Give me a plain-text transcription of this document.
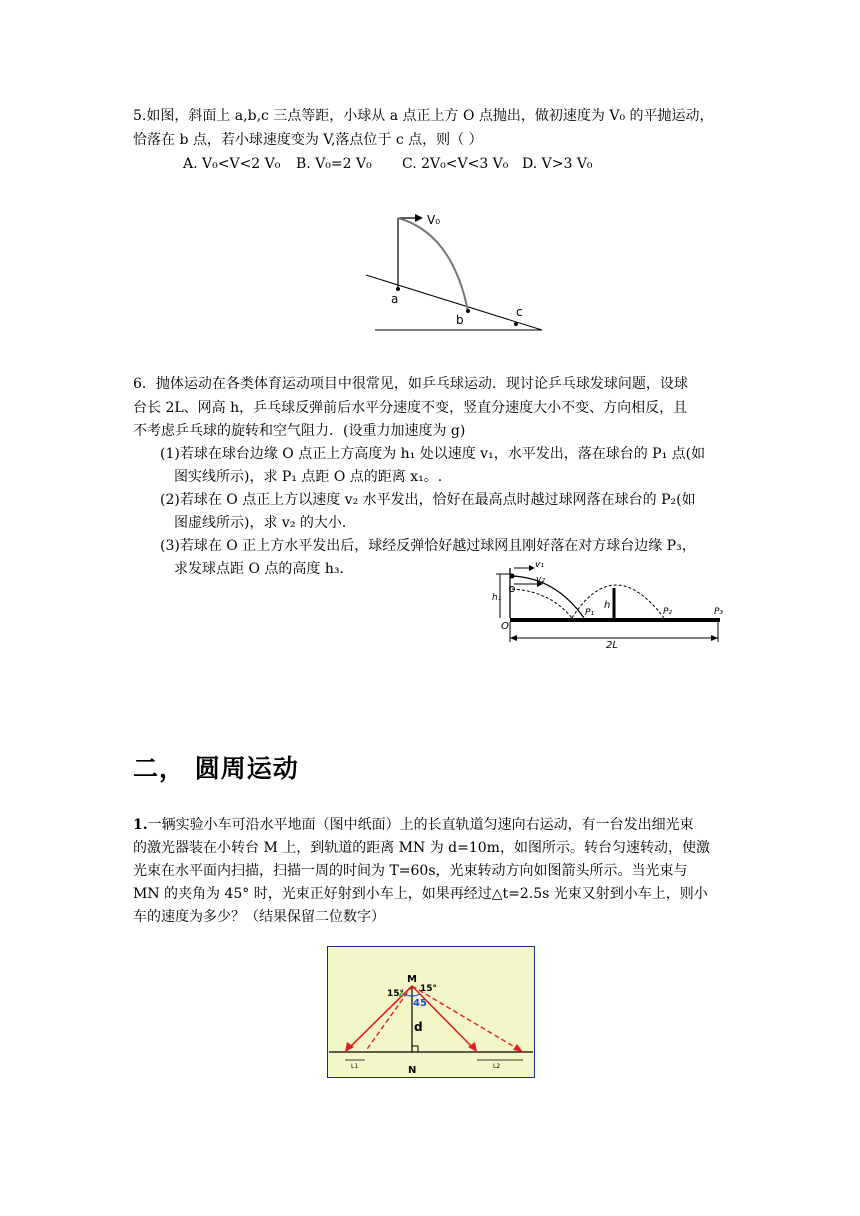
5.如图，斜面上 a,b,c 三点等距，小球从 a 点正上方 O 点抛出，做初速度为 V₀ 的平抛运动，
恰落在 b 点，若小球速度变为 V,落点位于 c 点，则（ ）
A. V₀<V<2 V₀ B. V₀=2 V₀ C. 2V₀<V<3 V₀ D. V>3 V₀
V₀
a
b
c
6．抛体运动在各类体育运动项目中很常见，如乒乓球运动．现讨论乒乓球发球问题，设球
台长 2L、网高 h，乒乓球反弹前后水平分速度不变，竖直分速度大小不变、方向相反，且
不考虑乒乓球的旋转和空气阻力．(设重力加速度为 g)
(1)若球在球台边缘 O 点正上方高度为 h₁ 处以速度 v₁，水平发出，落在球台的 P₁ 点(如
图实线所示)，求 P₁ 点距 O 点的距离 x₁。.
(2)若球在 O 点正上方以速度 v₂ 水平发出，恰好在最高点时越过球网落在球台的 P₂(如
图虚线所示)，求 v₂ 的大小．
(3)若球在 O 正上方水平发出后，球经反弹恰好越过球网且刚好落在对方球台边缘 P₃，
求发球点距 O 点的高度 h₃．	v₁
v₂
h₁
h
O
P₁	P₂	P₃
2L
二， 圆周运动
1.一辆实验小车可沿水平地面（图中纸面）上的长直轨道匀速向右运动，有一台发出细光束
的激光器装在小转台 M 上，到轨道的距离 MN 为 d=10m，如图所示。转台匀速转动，使激
光束在水平面内扫描，扫描一周的时间为 T=60s，光束转动方向如图箭头所示。当光束与
MN 的夹角为 45° 时，光束正好射到小车上，如果再经过△t=2.5s 光束又射到小车上，则小
车的速度为多少？（结果保留二位数字）
M
N
d
15° 15°
45
L1	L2
